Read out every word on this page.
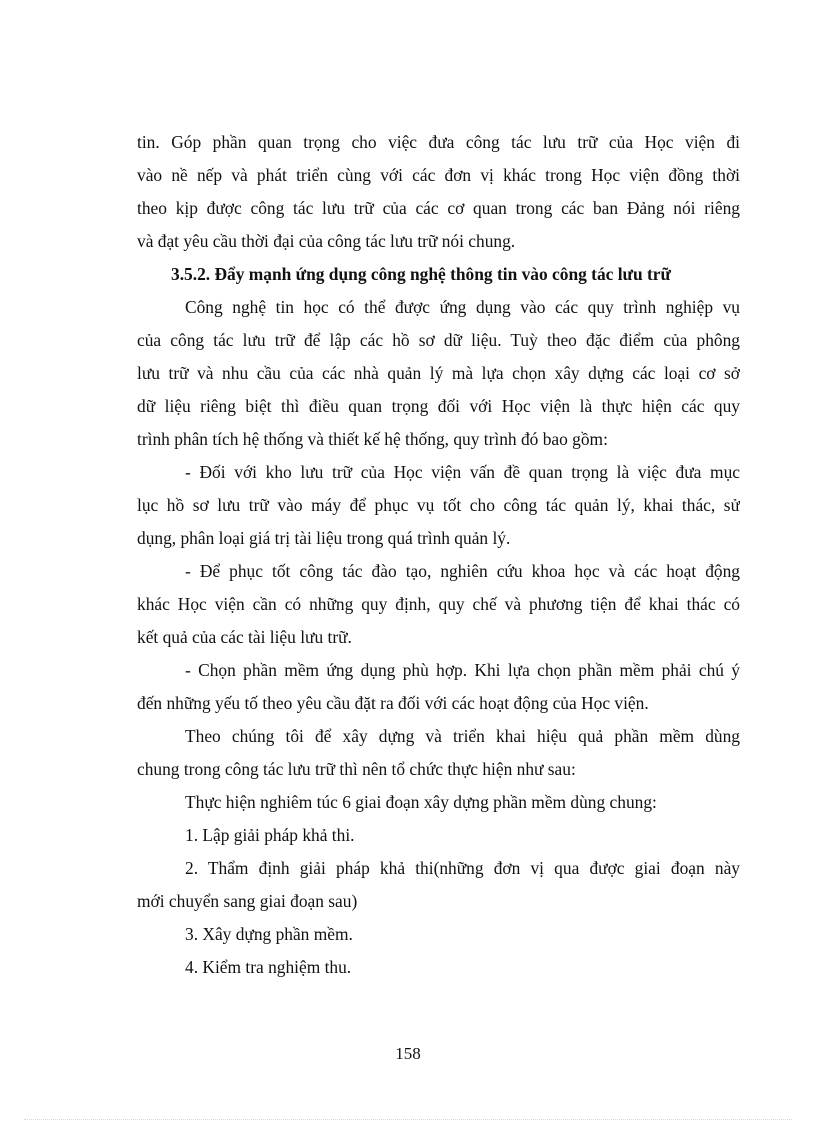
tin. Góp phần quan trọng cho việc đưa công tác lưu trữ của Học viện đi
vào nề nếp và phát triển cùng với các đơn vị khác trong Học viện đồng thời
theo kịp được công tác lưu trữ của các cơ quan trong các ban Đảng nói riêng
và đạt yêu cầu thời đại của công tác lưu trữ nói chung.
3.5.2. Đẩy mạnh ứng dụng công nghệ thông tin vào công tác lưu trữ
Công nghệ tin học có thể được ứng dụng vào các quy trình nghiệp vụ
của công tác lưu trữ để lập các hồ sơ dữ liệu. Tuỳ theo đặc điểm của phông
lưu trữ và nhu cầu của các nhà quản lý mà lựa chọn xây dựng các loại cơ sở
dữ liệu riêng biệt thì điều quan trọng đối với Học viện là thực hiện các quy
trình phân tích hệ thống và thiết kế hệ thống, quy trình đó bao gồm:
- Đối với kho lưu trữ của Học viện vấn đề quan trọng là việc đưa mục
lục hồ sơ lưu trữ vào máy để phục vụ tốt cho công tác quản lý, khai thác, sử
dụng, phân loại giá trị tài liệu trong quá trình quản lý.
- Để phục tốt công tác đào tạo, nghiên cứu khoa học và các hoạt động
khác Học viện cần có những quy định, quy chế và phương tiện để khai thác có
kết quả của các tài liệu lưu trữ.
- Chọn phần mềm ứng dụng phù hợp. Khi lựa chọn phần mềm phải chú ý
đến những yếu tố theo yêu cầu đặt ra đối với các hoạt động của Học viện.
Theo chúng tôi để xây dựng và triển khai hiệu quả phần mềm dùng
chung trong công tác lưu trữ thì nên tổ chức thực hiện như sau:
Thực hiện nghiêm túc 6 giai đoạn xây dựng phần mềm dùng chung:
1. Lập giải pháp khả thi.
2. Thẩm định giải pháp khả thi(những đơn vị qua được giai đoạn này
mới chuyển sang giai đoạn sau)
3. Xây dựng phần mềm.
4. Kiểm tra nghiệm thu.
158
